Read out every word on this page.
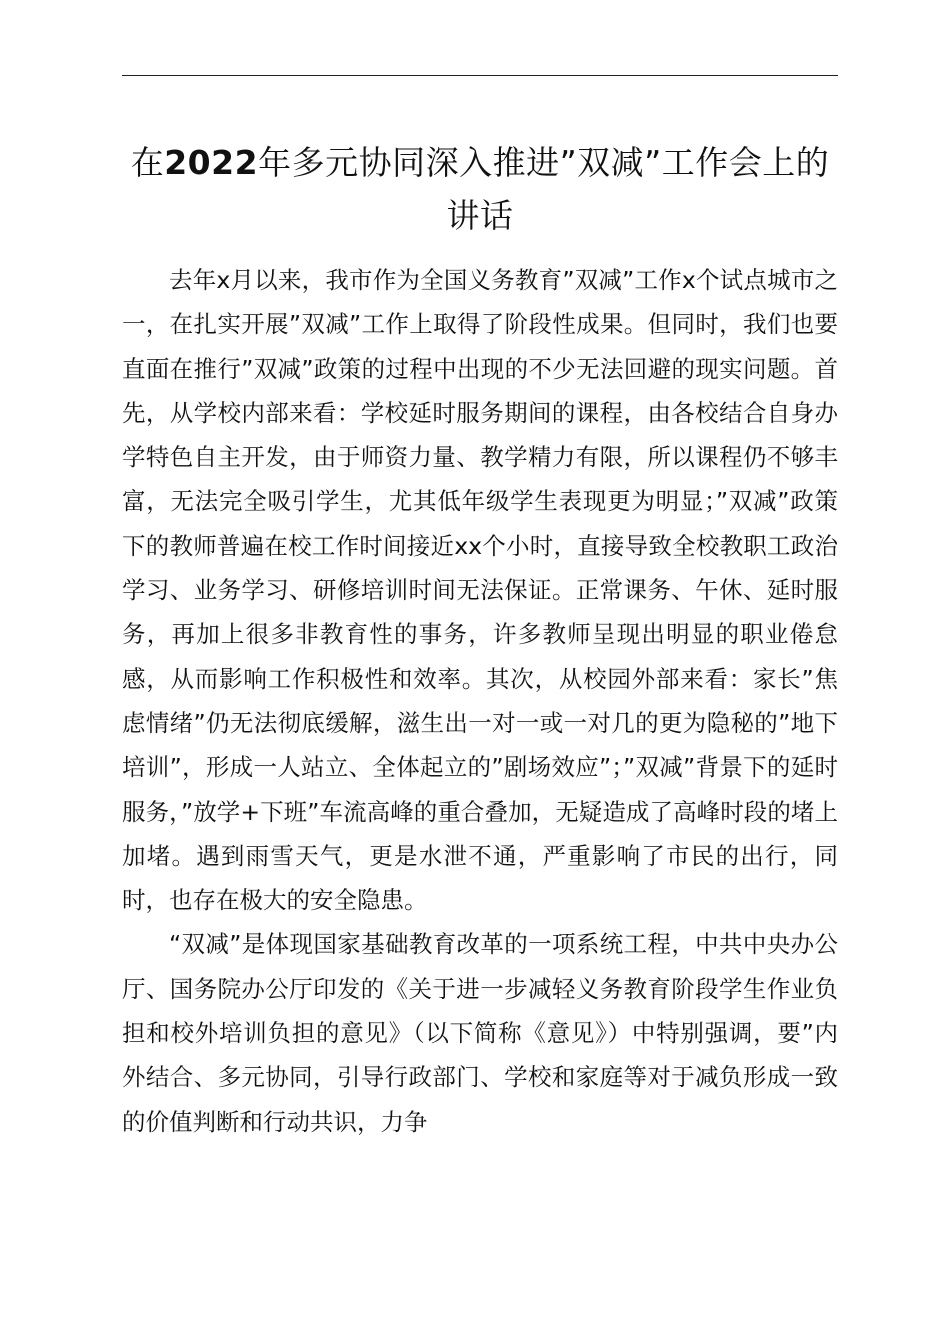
在2022年多元协同深入推进”双减”工作会上的讲话

去年x月以来，我市作为全国义务教育”双减”工作x个试点城市之一，在扎实开展”双减”工作上取得了阶段性成果。但同时，我们也要直面在推行”双减”政策的过程中出现的不少无法回避的现实问题。首先，从学校内部来看：学校延时服务期间的课程，由各校结合自身办学特色自主开发，由于师资力量、教学精力有限，所以课程仍不够丰富，无法完全吸引学生，尤其低年级学生表现更为明显；”双减”政策下的教师普遍在校工作时间接近xx个小时，直接导致全校教职工政治学习、业务学习、研修培训时间无法保证。正常课务、午休、延时服务，再加上很多非教育性的事务，许多教师呈现出明显的职业倦怠感，从而影响工作积极性和效率。其次，从校园外部来看：家长”焦虑情绪”仍无法彻底缓解，滋生出一对一或一对几的更为隐秘的”地下培训”，形成一人站立、全体起立的”剧场效应”；”双减”背景下的延时服务，”放学+下班”车流高峰的重合叠加，无疑造成了高峰时段的堵上加堵。遇到雨雪天气，更是水泄不通，严重影响了市民的出行，同时，也存在极大的安全隐患。

“双减”是体现国家基础教育改革的一项系统工程，中共中央办公厅、国务院办公厅印发的《关于进一步减轻义务教育阶段学生作业负担和校外培训负担的意见》（以下简称《意见》）中特别强调，要”内外结合、多元协同，引导行政部门、学校和家庭等对于减负形成一致的价值判断和行动共识，力争
